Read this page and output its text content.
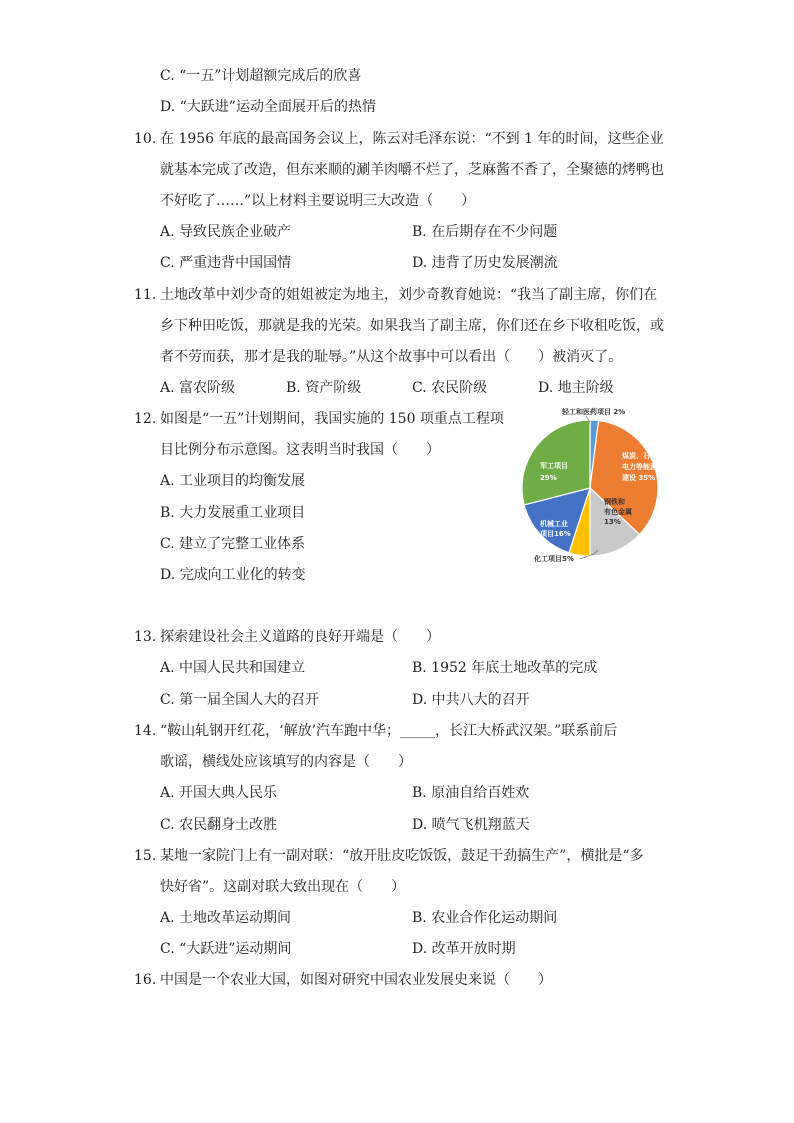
C. “一五”计划超额完成后的欣喜
D. “大跃进”运动全面展开后的热情
10. 在 1956 年底的最高国务会议上，陈云对毛泽东说：“不到 1 年的时间，这些企业
就基本完成了改造，但东来顺的涮羊肉嚼不烂了，芝麻酱不香了，全聚德的烤鸭也
不好吃了……”以上材料主要说明三大改造（　　）
A. 导致民族企业破产	B. 在后期存在不少问题
C. 严重违背中国国情	D. 违背了历史发展潮流
11. 土地改革中刘少奇的姐姐被定为地主，刘少奇教育她说：“我当了副主席，你们在
乡下种田吃饭，那就是我的光荣。如果我当了副主席，你们还在乡下收租吃饭，或
者不劳而获，那才是我的耻辱。”从这个故事中可以看出（　　）被消灭了。
A. 富农阶级	B. 资产阶级	C. 农民阶级	D. 地主阶级
12. 如图是“一五”计划期间，我国实施的 150 项重点工程项
目比例分布示意图。这表明当时我国（　　）
A. 工业项目的均衡发展
B. 大力发展重工业项目
C. 建立了完整工业体系
D. 完成向工业化的转变
轻工和医药项目 2%
煤炭、石油、
电力等能源
建设 35%
钢铁和
有色金属
13%
机械工业
项目16%
军工项目
29%
化工项目5%
13. 探索建设社会主义道路的良好开端是（　　）
A. 中国人民共和国建立	B. 1952 年底土地改革的完成
C. 第一届全国人大的召开	D. 中共八大的召开
14. “鞍山轧钢开红花，‘解放’汽车跑中华；_____，长江大桥武汉架。”联系前后
歌谣，横线处应该填写的内容是（　　）
A. 开国大典人民乐	B. 原油自给百姓欢
C. 农民翻身土改胜	D. 喷气飞机翔蓝天
15. 某地一家院门上有一副对联：“放开肚皮吃饭饭，鼓足干劲搞生产”，横批是“多
快好省”。这副对联大致出现在（　　）
A. 土地改革运动期间	B. 农业合作化运动期间
C. “大跃进”运动期间	D. 改革开放时期
16. 中国是一个农业大国，如图对研究中国农业发展史来说（　　）
